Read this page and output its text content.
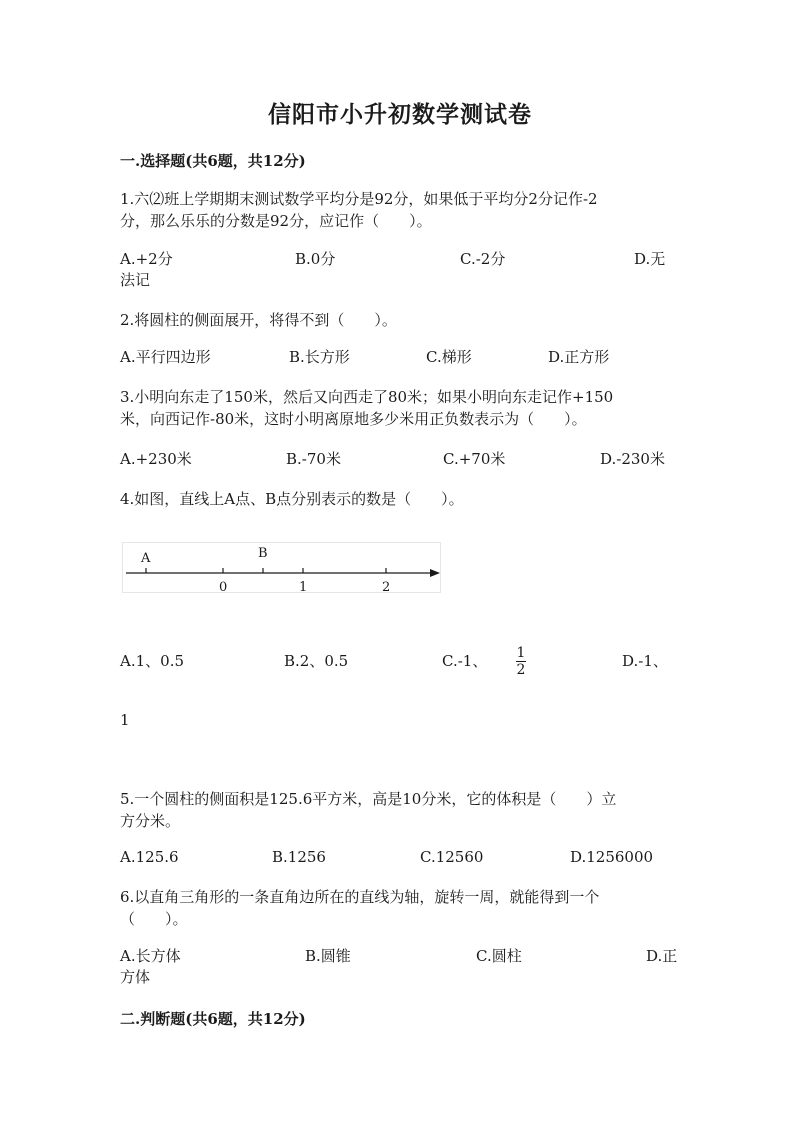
信阳市小升初数学测试卷
一.选择题(共6题，共12分)
1.六⑵班上学期期末测试数学平均分是92分，如果低于平均分2分记作-2
分，那么乐乐的分数是92分，应记作（　　）。
A.+2分	B.0分	C.-2分	D.无
法记
2.将圆柱的侧面展开，将得不到（　　）。
A.平行四边形	B.长方形	C.梯形	D.正方形
3.小明向东走了150米，然后又向西走了80米；如果小明向东走记作+150
米，向西记作-80米，这时小明离原地多少米用正负数表示为（　　）。
A.+230米	B.-70米	C.+70米	D.-230米
4.如图，直线上A点、B点分别表示的数是（　　）。
A	B
0	1	2
A.1、0.5	B.2、0.5	C.-1、 1
2	D.-1、
1
5.一个圆柱的侧面积是125.6平方米，高是10分米，它的体积是（　　）立
方分米。
A.125.6	B.1256	C.12560	D.1256000
6.以直角三角形的一条直角边所在的直线为轴，旋转一周，就能得到一个
（　　）。
A.长方体	B.圆锥	C.圆柱	D.正
方体
二.判断题(共6题，共12分)
